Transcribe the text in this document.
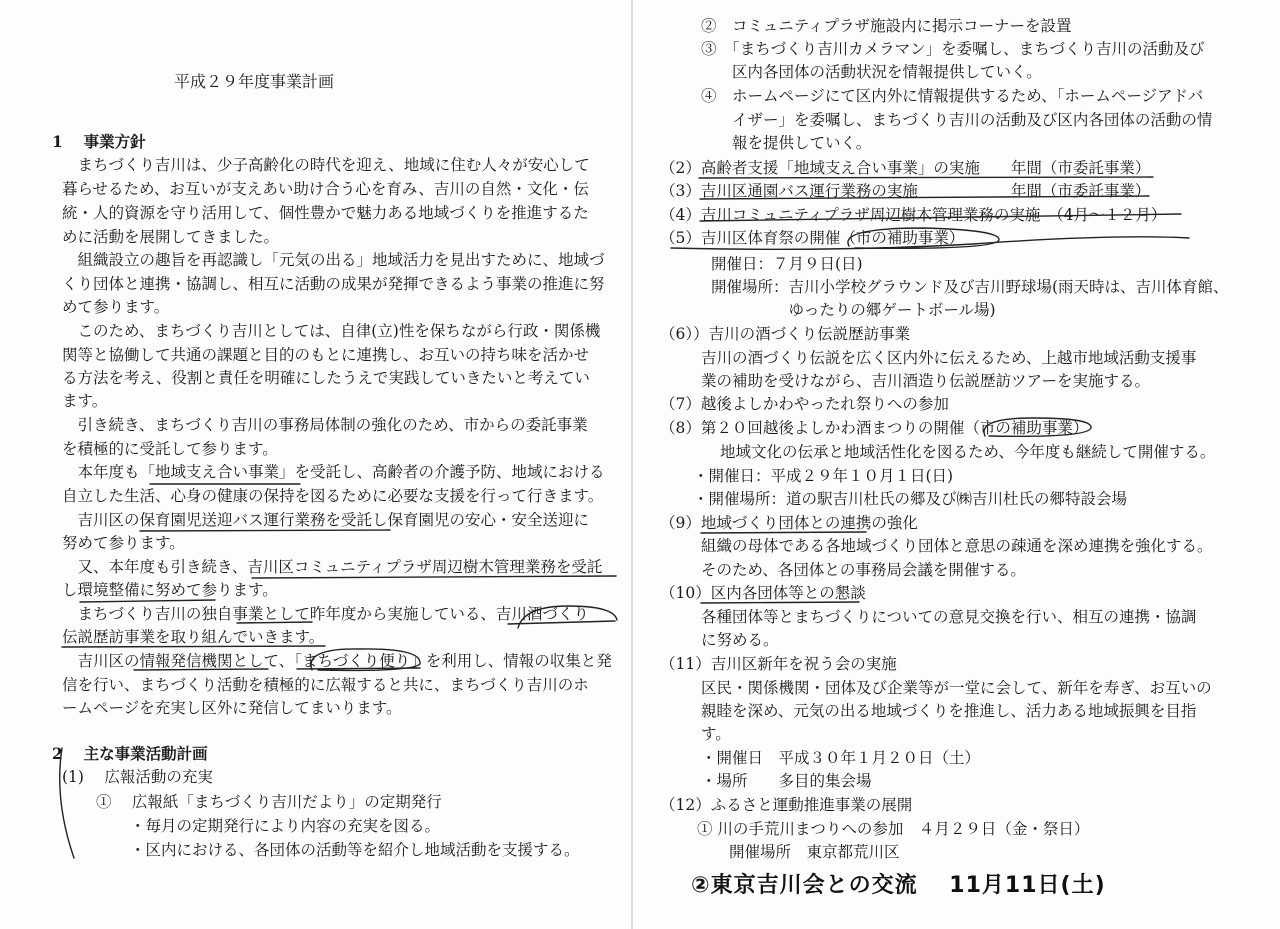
平成２９年度事業計画
1　 事業方針
　まちづくり吉川は、少子高齢化の時代を迎え、地域に住む人々が安心して
暮らせるため、お互いが支えあい助け合う心を育み、吉川の自然・文化・伝
統・人的資源を守り活用して、個性豊かで魅力ある地域づくりを推進するた
めに活動を展開してきました。
　組織設立の趣旨を再認識し「元気の出る」地域活力を見出すために、地域づ
くり団体と連携・協調し、相互に活動の成果が発揮できるよう事業の推進に努
めて参ります。
　このため、まちづくり吉川としては、自律(立)性を保ちながら行政・関係機
関等と協働して共通の課題と目的のもとに連携し、お互いの持ち味を活かせ
る方法を考え、役割と責任を明確にしたうえで実践していきたいと考えてい
ます。
　引き続き、まちづくり吉川の事務局体制の強化のため、市からの委託事業
を積極的に受託して参ります。
　本年度も「地域支え合い事業」を受託し、高齢者の介護予防、地域における
自立した生活、心身の健康の保持を図るために必要な支援を行って行きます。
　吉川区の保育園児送迎バス運行業務を受託し保育園児の安心・安全送迎に
努めて参ります。
　又、本年度も引き続き、吉川区コミュニティプラザ周辺樹木管理業務を受託
し環境整備に努めて参ります。
　まちづくり吉川の独自事業として昨年度から実施している、吉川酒づくり
伝説歴訪事業を取り組んでいきます。
　吉川区の情報発信機関として、「まちづくり便り」を利用し、情報の収集と発
信を行い、まちづくり活動を積極的に広報すると共に、まちづくり吉川のホ
ームページを充実し区外に発信してまいります。
2　 主な事業活動計画
(1)　 広報活動の充実
①　 広報紙「まちづくり吉川だより」の定期発行
・毎月の定期発行により内容の充実を図る。
・区内における、各団体の活動等を紹介し地域活動を支援する。
②　コミュニティプラザ施設内に掲示コーナーを設置
③　「まちづくり吉川カメラマン」を委嘱し、まちづくり吉川の活動及び
　　区内各団体の活動状況を情報提供していく。
④　ホームページにて区内外に情報提供するため、「ホームページアドバ
　　イザー」を委嘱し、まちづくり吉川の活動及び区内各団体の活動の情
　　報を提供していく。
（2）高齢者支援「地域支え合い事業」の実施　　年間（市委託事業）
（3）吉川区通園バス運行業務の実施　　　　　　年間（市委託事業）
（4）吉川コミュニティプラザ周辺樹木管理業務の実施　（4月～１２月）
（5）吉川区体育祭の開催（市の補助事業）
開催日：７月９日(日)
開催場所：吉川小学校グラウンド及び吉川野球場(雨天時は、吉川体育館、
　　　　　ゆったりの郷ゲートボール場)
（6））吉川の酒づくり伝説歴訪事業
吉川の酒づくり伝説を広く区内外に伝えるため、上越市地域活動支援事
業の補助を受けながら、吉川酒造り伝説歴訪ツアーを実施する。
（7）越後よしかわやったれ祭りへの参加
（8）第２０回越後よしかわ酒まつりの開催（市の補助事業）
　　地域文化の伝承と地域活性化を図るため、今年度も継続して開催する。
・開催日：平成２９年１０月１日(日)
・開催場所：道の駅吉川杜氏の郷及び㈱吉川杜氏の郷特設会場
（9）地域づくり団体との連携の強化
組織の母体である各地域づくり団体と意思の疎通を深め連携を強化する。
そのため、各団体との事務局会議を開催する。
（10）区内各団体等との懇談
各種団体等とまちづくりについての意見交換を行い、相互の連携・協調
に努める。
（11）吉川区新年を祝う会の実施
区民・関係機関・団体及び企業等が一堂に会して、新年を寿ぎ、お互いの
親睦を深め、元気の出る地域づくりを推進し、活力ある地域振興を目指
す。
・開催日　平成３０年１月２０日（土）
・場所　　多目的集会場
（12）ふるさと運動推進事業の展開
① 川の手荒川まつりへの参加　４月２９日（金・祭日）
開催場所　東京都荒川区
②東京吉川会との交流　 11月11日(土)
